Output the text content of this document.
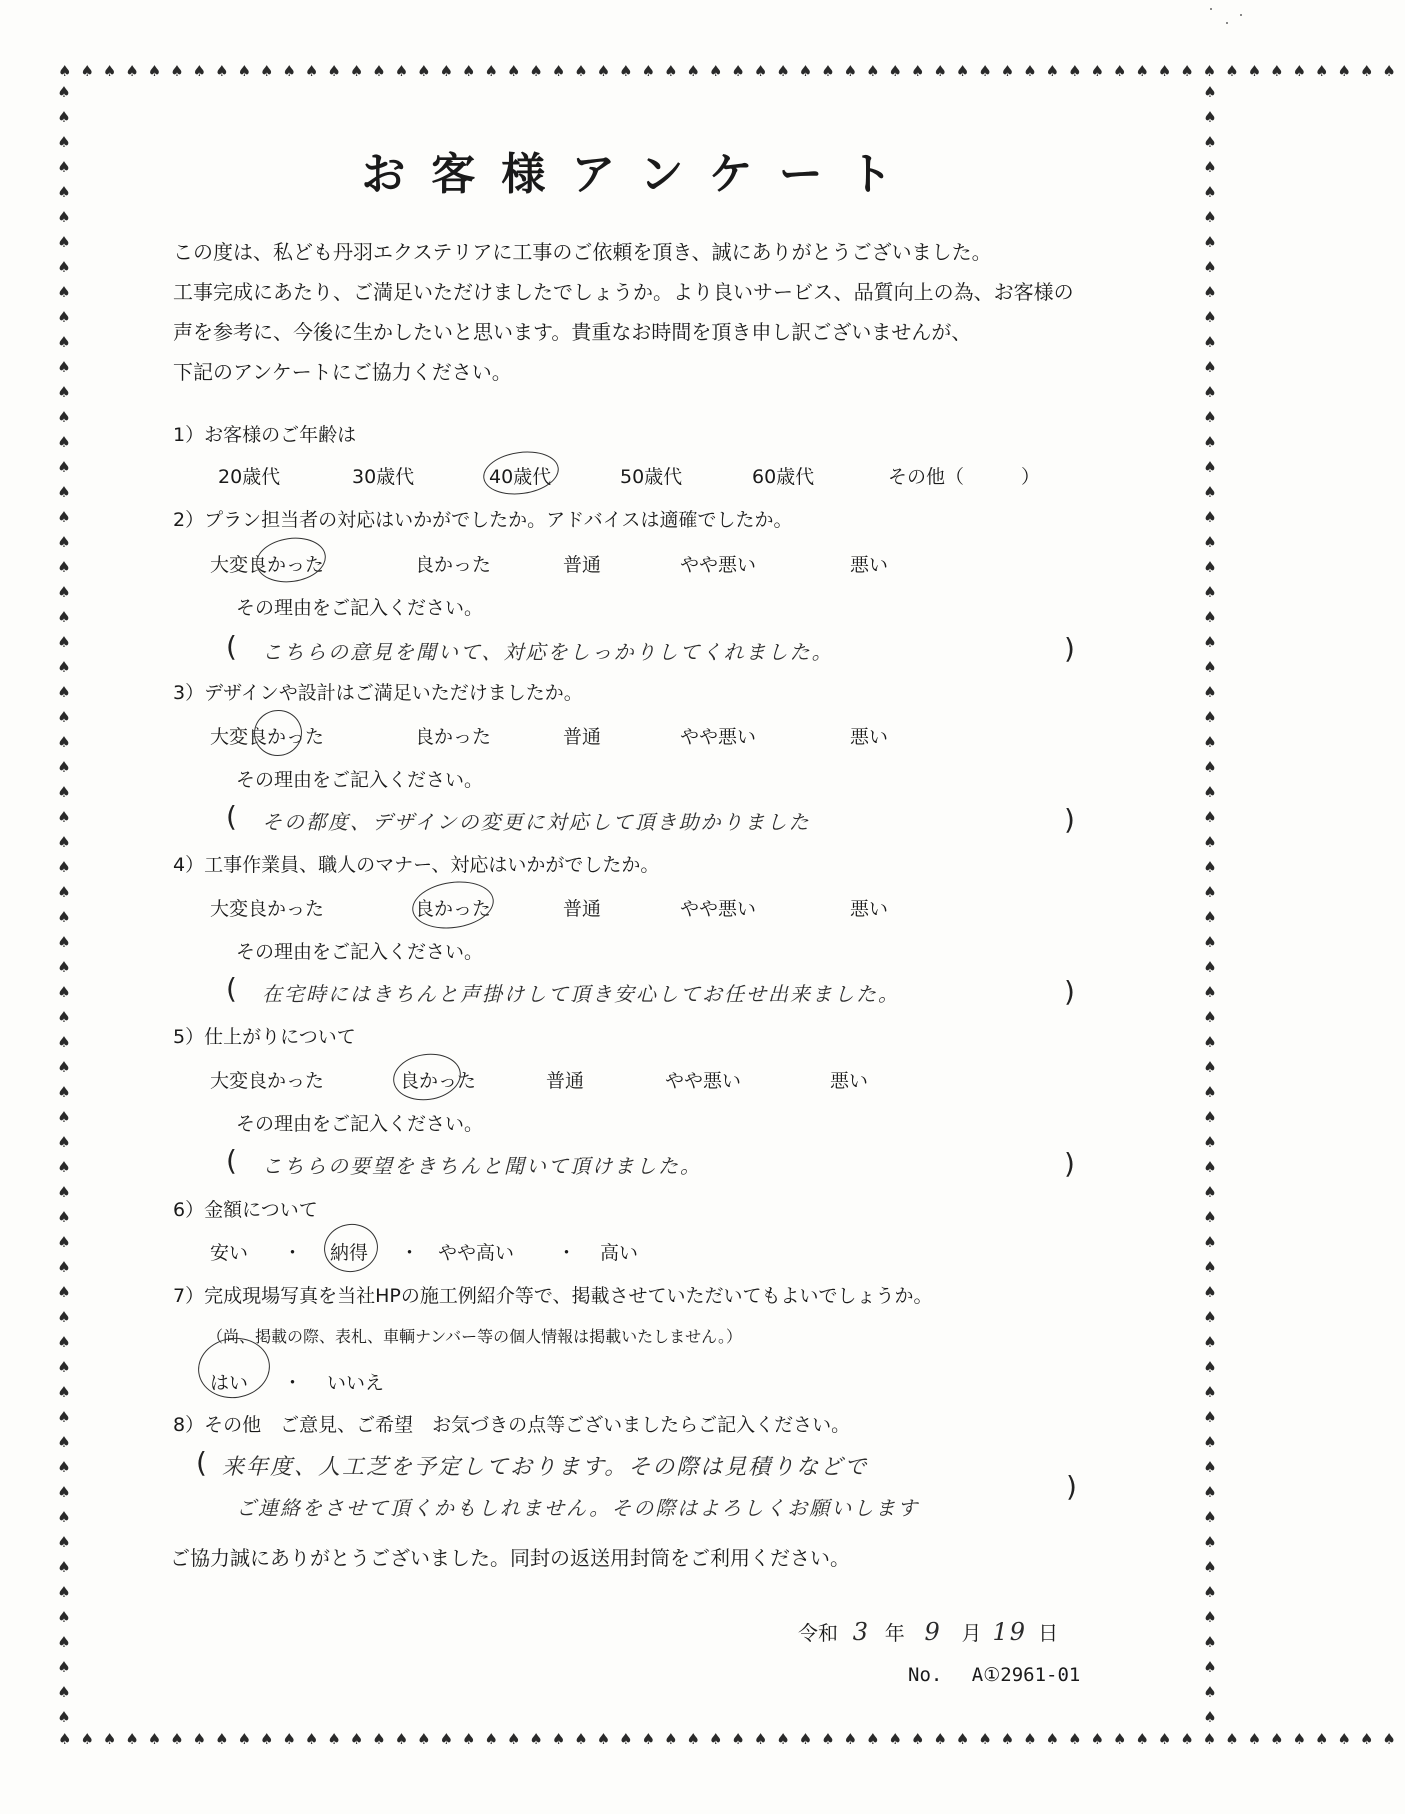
♠♠♠♠♠♠♠♠♠♠♠♠♠♠♠♠♠♠♠♠♠♠♠♠♠♠♠♠♠♠♠♠♠♠♠♠♠♠♠♠♠♠♠♠♠♠♠♠♠♠♠♠♠♠♠♠♠♠♠♠
♠♠♠♠♠♠♠♠♠♠♠♠♠♠♠♠♠♠♠♠♠♠♠♠♠♠♠♠♠♠♠♠♠♠♠♠♠♠♠♠♠♠♠♠♠♠♠♠♠♠♠♠♠♠♠♠♠♠♠♠
♠
♠
♠
♠
♠
♠
♠
♠
♠
♠
♠
♠
♠
♠
♠
♠
♠
♠
♠
♠
♠
♠
♠
♠
♠
♠
♠
♠
♠
♠
♠
♠
♠
♠
♠
♠
♠
♠
♠
♠
♠
♠
♠
♠
♠
♠
♠
♠
♠
♠
♠
♠
♠
♠
♠
♠
♠
♠
♠
♠
♠
♠
♠
♠
♠
♠
♠
♠
♠
♠
♠
♠
♠
♠
♠
♠
♠
♠
♠
♠
♠
♠
♠
♠
♠
♠
♠
♠
♠
♠
♠
♠
♠
♠
♠
♠
♠
♠
♠
♠
♠
♠
♠
♠
♠
♠
♠
♠
♠
♠
♠
♠
♠
♠
♠
♠
♠
♠
♠
♠
♠
♠
♠
♠
♠
♠
♠
♠
♠
♠
♠
♠
お客様アンケート
この度は、私ども丹羽エクステリアに工事のご依頼を頂き、誠にありがとうございました。
工事完成にあたり、ご満足いただけましたでしょうか。より良いサービス、品質向上の為、お客様の
声を参考に、今後に生かしたいと思います。貴重なお時間を頂き申し訳ございませんが、
下記のアンケートにご協力ください。
1）お客様のご年齢は
20歳代	30歳代	40歳代	50歳代	60歳代	その他（　　　）
2）プラン担当者の対応はいかがでしたか。アドバイスは適確でしたか。
大変良かった	良かった	普通	やや悪い	悪い
その理由をご記入ください。
( こちらの意見を聞いて、対応をしっかりしてくれました。	)
3）デザインや設計はご満足いただけましたか。
大変良かった	良かった	普通	やや悪い	悪い
その理由をご記入ください。
( その都度、デザインの変更に対応して頂き助かりました	)
4）工事作業員、職人のマナー、対応はいかがでしたか。
大変良かった	良かった	普通	やや悪い	悪い
その理由をご記入ください。
( 在宅時にはきちんと声掛けして頂き安心してお任せ出来ました。	)
5）仕上がりについて
大変良かった	良かった	普通	やや悪い	悪い
その理由をご記入ください。
( こちらの要望をきちんと聞いて頂けました。	)
6）金額について
安い ・ 納得 ・ やや高い ・ 高い
7）完成現場写真を当社HPの施工例紹介等で、掲載させていただいてもよいでしょうか。
（尚、掲載の際、表札、車輌ナンバー等の個人情報は掲載いたしません。）
はい ・ いいえ
8）その他　ご意見、ご希望　お気づきの点等ございましたらご記入ください。
( 来年度、人工芝を予定しております。その際は見積りなどで
ご連絡をさせて頂くかもしれません。その際はよろしくお願いします
)
ご協力誠にありがとうございました。同封の返送用封筒をご利用ください。
令和 3 年 9 月 19 日
No. A①2961-01
